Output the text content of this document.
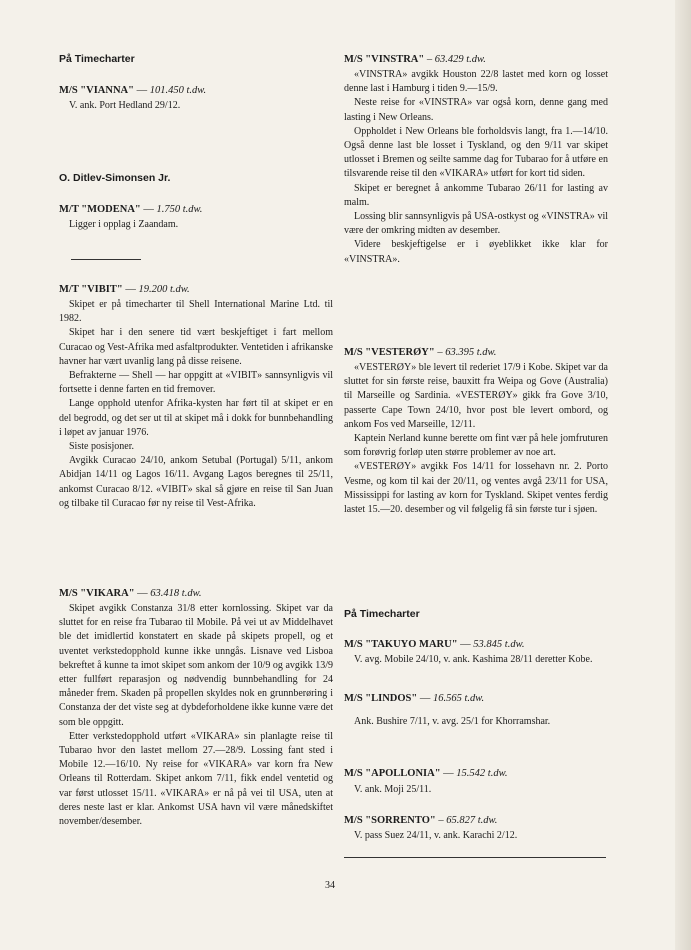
På Timecharter
M/S "VIANNA" — 101.450 t.dw.
V. ank. Port Hedland 29/12.
O. Ditlev-Simonsen Jr.
M/T "MODENA" — 1.750 t.dw.
Ligger i opplag i Zaandam.
M/T "VIBIT" — 19.200 t.dw.

Skipet er på timecharter til Shell International Marine Ltd. til 1982.

Skipet har i den senere tid vært beskjeftiget i fart mellom Curacao og Vest-Afrika med asfaltprodukter. Ventetiden i afrikanske havner har vært uvanlig lang på disse reisene.

Befrakterne — Shell — har oppgitt at «VIBIT» sannsynligvis vil fortsette i denne farten en tid fremover.

Lange opphold utenfor Afrika-kysten har ført til at skipet er en del begrodd, og det ser ut til at skipet må i dokk for bunnbehandling i løpet av januar 1976.

Siste posisjoner.

Avgikk Curacao 24/10, ankom Setubal (Portugal) 5/11, ankom Abidjan 14/11 og Lagos 16/11. Avgang Lagos beregnes til 25/11, ankomst Curacao 8/12. «VIBIT» skal så gjøre en reise til San Juan og tilbake til Curacao før ny reise til Vest-Afrika.

M/S "VIKARA" — 63.418 t.dw.

Skipet avgikk Constanza 31/8 etter kornlossing. Skipet var da sluttet for en reise fra Tubarao til Mobile. På vei ut av Middelhavet ble det imidlertid konstatert en skade på skipets propell, og et uventet verkstedopphold kunne ikke unngås. Lisnave ved Lisboa bekreftet å kunne ta imot skipet som ankom der 10/9 og avgikk 13/9 etter fullført reparasjon og nødvendig bunnbehandling for 24 måneder frem. Skaden på propellen skyldes nok en grunnberøring i Constanza der det viste seg at dybdeforholdene ikke kunne være det som ble oppgitt.

Etter verkstedopphold utført «VIKARA» sin planlagte reise til Tubarao hvor den lastet mellom 27.—28/9. Lossing fant sted i Mobile 12.—16/10. Ny reise for «VIKARA» var korn fra New Orleans til Rotterdam. Skipet ankom 7/11, fikk endel ventetid og var først utlosset 15/11. «VIKARA» er nå på vei til USA, uten at deres neste last er klar. Ankomst USA havn vil være månedskiftet november/desember.

M/S "VINSTRA" – 63.429 t.dw.

«VINSTRA» avgikk Houston 22/8 lastet med korn og losset denne last i Hamburg i tiden 9.—15/9.

Neste reise for «VINSTRA» var også korn, denne gang med lasting i New Orleans.

Oppholdet i New Orleans ble forholdsvis langt, fra 1.—14/10. Også denne last ble losset i Tyskland, og den 9/11 var skipet utlosset i Bremen og seilte samme dag for Tubarao for å utføre en tilsvarende reise til den «VIKARA» utført for kort tid siden.

Skipet er beregnet å ankomme Tubarao 26/11 for lasting av malm.

Lossing blir sannsynligvis på USA-ostkyst og «VINSTRA» vil være der omkring midten av desember.

Videre beskjeftigelse er i øyeblikket ikke klar for «VINSTRA».

M/S "VESTERØY" – 63.395 t.dw.

«VESTERØY» ble levert til rederiet 17/9 i Kobe. Skipet var da sluttet for sin første reise, bauxitt fra Weipa og Gove (Australia) til Marseille og Sardinia. «VESTERØY» gikk fra Gove 3/10, passerte Cape Town 24/10, hvor post ble levert ombord, og ankom Fos ved Marseille, 12/11.

Kaptein Nerland kunne berette om fint vær på hele jomfruturen som forøvrig forløp uten større problemer av noe art.

«VESTERØY» avgikk Fos 14/11 for lossehavn nr. 2. Porto Vesme, og kom til kai der 20/11, og ventes avgå 23/11 for USA, Mississippi for lasting av korn for Tyskland. Skipet ventes ferdig lastet 15.—20. desember og vil følgelig få sin første tur i sjøen.

På Timecharter
M/S "TAKUYO MARU" — 53.845 t.dw.
V. avg. Mobile 24/10, v. ank. Kashima 28/11 deretter Kobe.
M/S "LINDOS" — 16.565 t.dw.
Ank. Bushire 7/11, v. avg. 25/1 for Khorramshar.
M/S "APOLLONIA" — 15.542 t.dw.
V. ank. Moji 25/11.
M/S "SORRENTO" – 65.827 t.dw.
V. pass Suez 24/11, v. ank. Karachi 2/12.
34
